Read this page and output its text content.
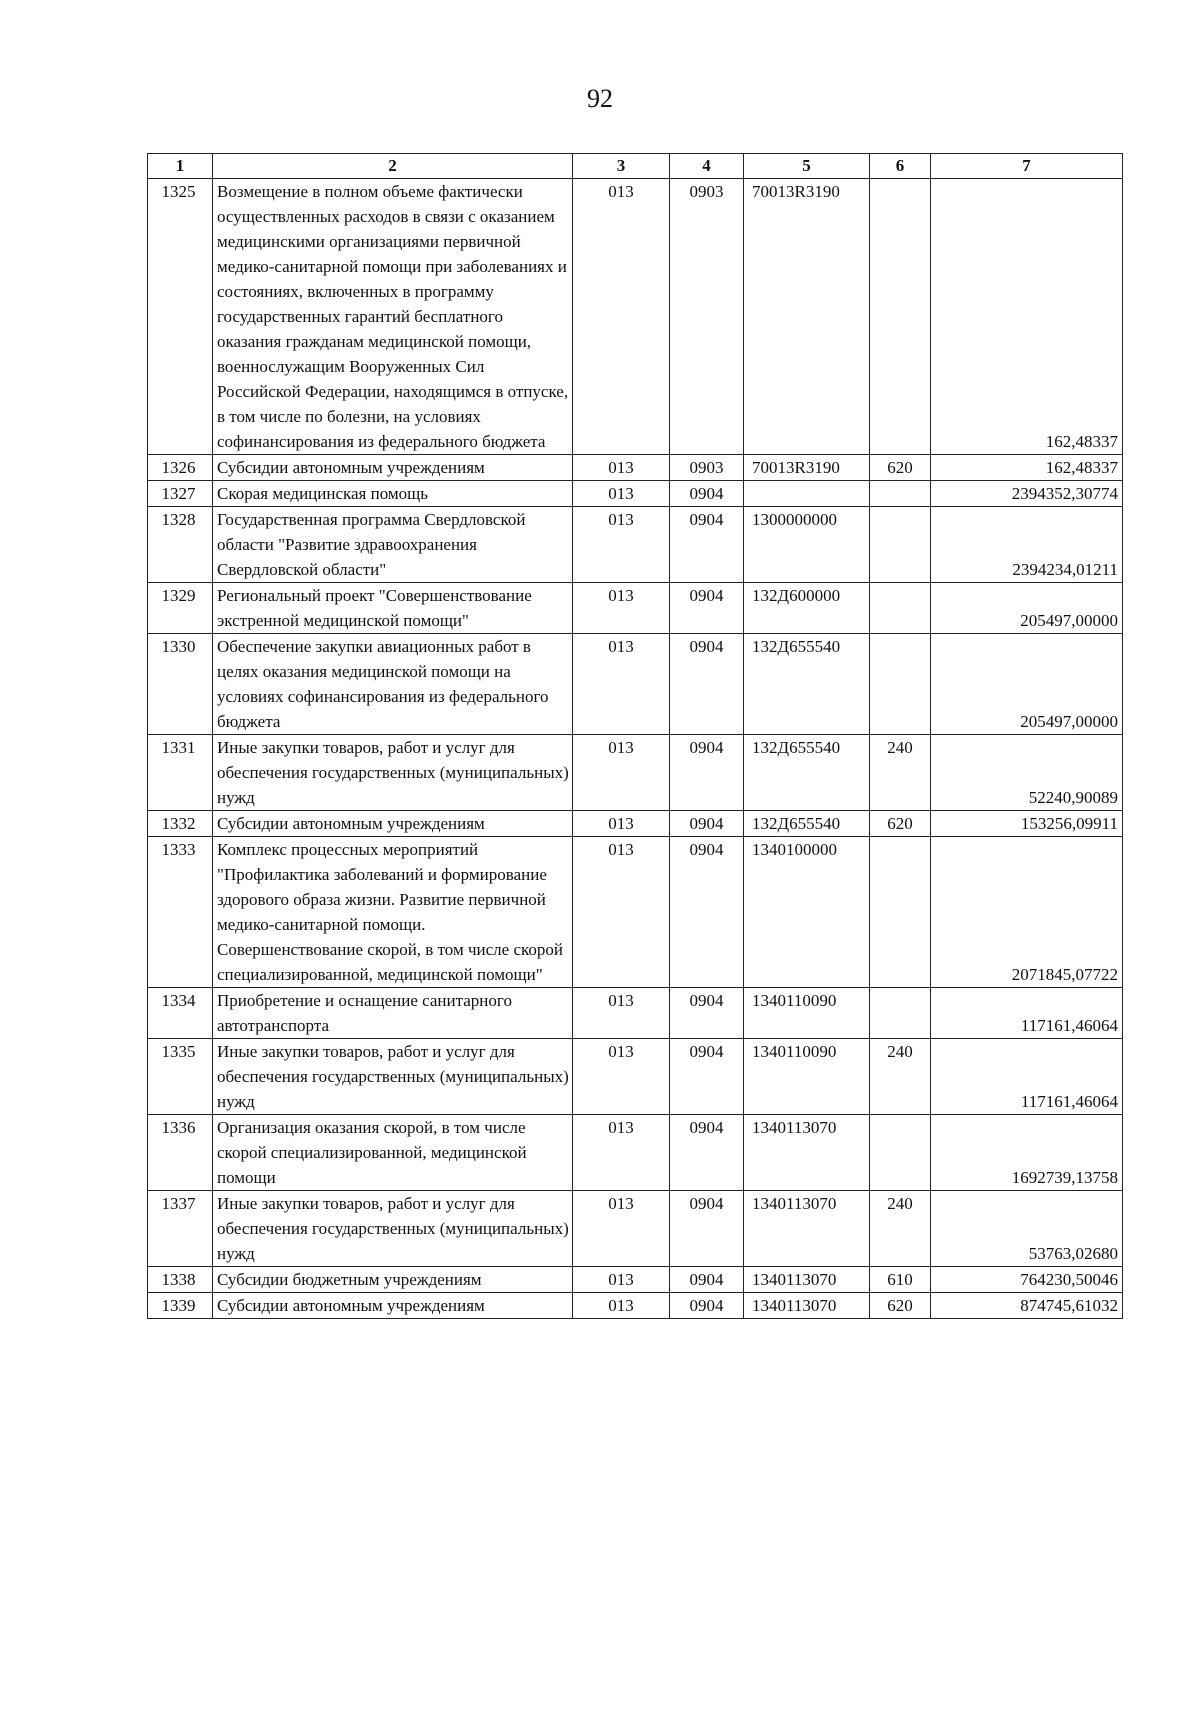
92
1	2	3	4	5	6	7
1325	Возмещение в полном объеме фактически осуществленных расходов в связи с оказанием медицинскими организациями первичной медико-санитарной помощи при заболеваниях и состояниях, включенных в программу государственных гарантий бесплатного оказания гражданам медицинской помощи, военнослужащим Вооруженных Сил Российской Федерации, находящимся в отпуске, в том числе по болезни, на условиях софинансирования из федерального бюджета	013	0903	70013R3190		162,48337
1326	Субсидии автономным учреждениям	013	0903	70013R3190	620	162,48337
1327	Скорая медицинская помощь	013	0904			2394352,30774
1328	Государственная программа Свердловской области "Развитие здравоохранения Свердловской области"	013	0904	1300000000		2394234,01211
1329	Региональный проект "Совершенствование экстренной медицинской помощи"	013	0904	132Д600000		205497,00000
1330	Обеспечение закупки авиационных работ в целях оказания медицинской помощи на условиях софинансирования из федерального бюджета	013	0904	132Д655540		205497,00000
1331	Иные закупки товаров, работ и услуг для обеспечения государственных (муниципальных) нужд	013	0904	132Д655540	240	52240,90089
1332	Субсидии автономным учреждениям	013	0904	132Д655540	620	153256,09911
1333	Комплекс процессных мероприятий "Профилактика заболеваний и формирование здорового образа жизни. Развитие первичной медико-санитарной помощи. Совершенствование скорой, в том числе скорой специализированной, медицинской помощи"	013	0904	1340100000		2071845,07722
1334	Приобретение и оснащение санитарного автотранспорта	013	0904	1340110090		117161,46064
1335	Иные закупки товаров, работ и услуг для обеспечения государственных (муниципальных) нужд	013	0904	1340110090	240	117161,46064
1336	Организация оказания скорой, в том числе скорой специализированной, медицинской помощи	013	0904	1340113070		1692739,13758
1337	Иные закупки товаров, работ и услуг для обеспечения государственных (муниципальных) нужд	013	0904	1340113070	240	53763,02680
1338	Субсидии бюджетным учреждениям	013	0904	1340113070	610	764230,50046
1339	Субсидии автономным учреждениям	013	0904	1340113070	620	874745,61032
